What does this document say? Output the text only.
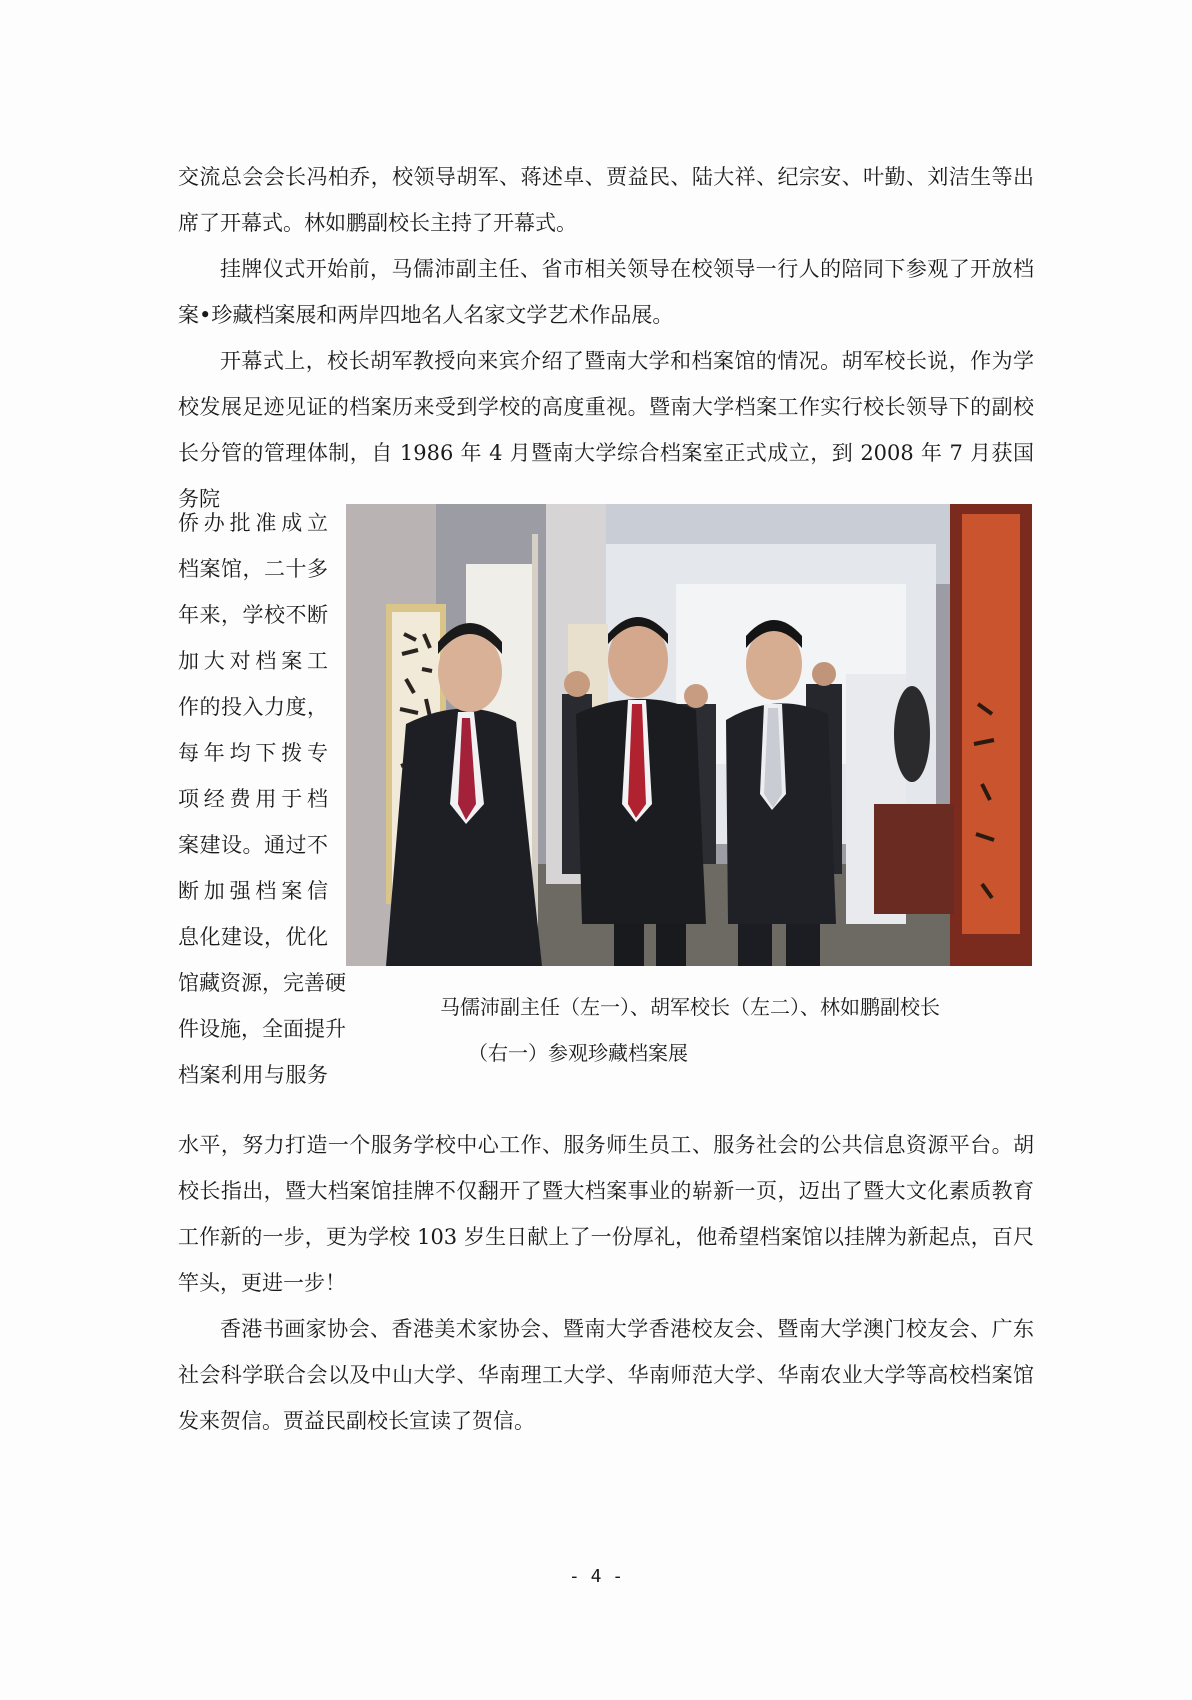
交流总会会长冯柏乔，校领导胡军、蒋述卓、贾益民、陆大祥、纪宗安、叶勤、刘洁生等出席了开幕式。林如鹏副校长主持了开幕式。

挂牌仪式开始前，马儒沛副主任、省市相关领导在校领导一行人的陪同下参观了开放档案•珍藏档案展和两岸四地名人名家文学艺术作品展。

开幕式上，校长胡军教授向来宾介绍了暨南大学和档案馆的情况。胡军校长说，作为学校发展足迹见证的档案历来受到学校的高度重视。暨南大学档案工作实行校长领导下的副校长分管的管理体制，自 1986 年 4 月暨南大学综合档案室正式成立，到 2008 年 7 月获国务院

侨办批准成立
档案馆，二十多
年来，学校不断
加大对档案工
作的投入力度，
每年均下拨专
项经费用于档
案建设。通过不
断加强档案信
息化建设，优化
馆藏资源，完善硬
件设施，全面提升
档案利用与服务

马儒沛副主任（左一）、胡军校长（左二）、林如鹏副校长
（右一）参观珍藏档案展

水平，努力打造一个服务学校中心工作、服务师生员工、服务社会的公共信息资源平台。胡校长指出，暨大档案馆挂牌不仅翻开了暨大档案事业的崭新一页，迈出了暨大文化素质教育工作新的一步，更为学校 103 岁生日献上了一份厚礼，他希望档案馆以挂牌为新起点，百尺竿头，更进一步！

香港书画家协会、香港美术家协会、暨南大学香港校友会、暨南大学澳门校友会、广东社会科学联合会以及中山大学、华南理工大学、华南师范大学、华南农业大学等高校档案馆发来贺信。贾益民副校长宣读了贺信。

- 4 -
